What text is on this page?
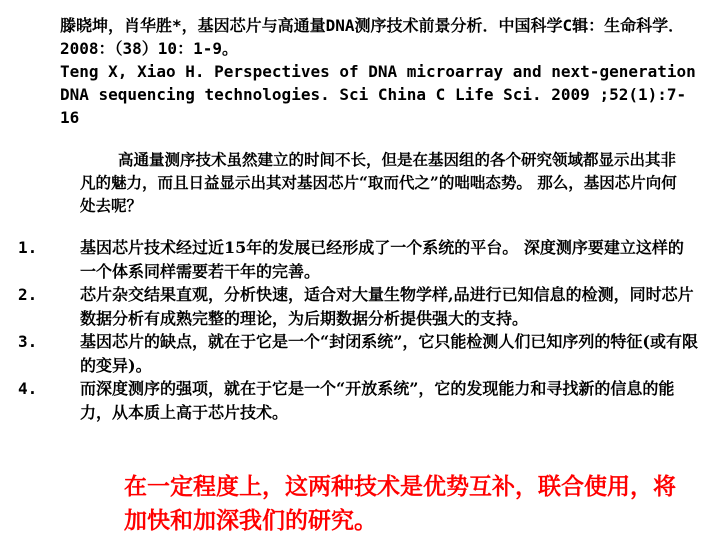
滕晓坤，肖华胜*，基因芯片与高通量DNA测序技术前景分析．中国科学C辑：生命科学． 2008：（38）10：1-9。
Teng X, Xiao H. Perspectives of DNA microarray and next-generation DNA sequencing technologies. Sci China C Life Sci. 2009 ;52(1):7-16
高通量测序技术虽然建立的时间不长，但是在基因组的各个研究领域都显示出其非凡的魅力，而且日益显示出其对基因芯片“取而代之”的咄咄态势。 那么，基因芯片向何处去呢？
1.	基因芯片技术经过近15年的发展已经形成了一个系统的平台。 深度测序要建立这样的一个体系同样需要若干年的完善。
2.	芯片杂交结果直观，分析快速，适合对大量生物学样,品进行已知信息的检测，同时芯片数据分析有成熟完整的理论，为后期数据分析提供强大的支持。
3.	基因芯片的缺点，就在于它是一个“封闭系统”，它只能检测人们已知序列的特征(或有限的变异)。
4.	而深度测序的强项，就在于它是一个“开放系统”，它的发现能力和寻找新的信息的能力，从本质上高于芯片技术。
在一定程度上，这两种技术是优势互补，联合使用，将加快和加深我们的研究。
